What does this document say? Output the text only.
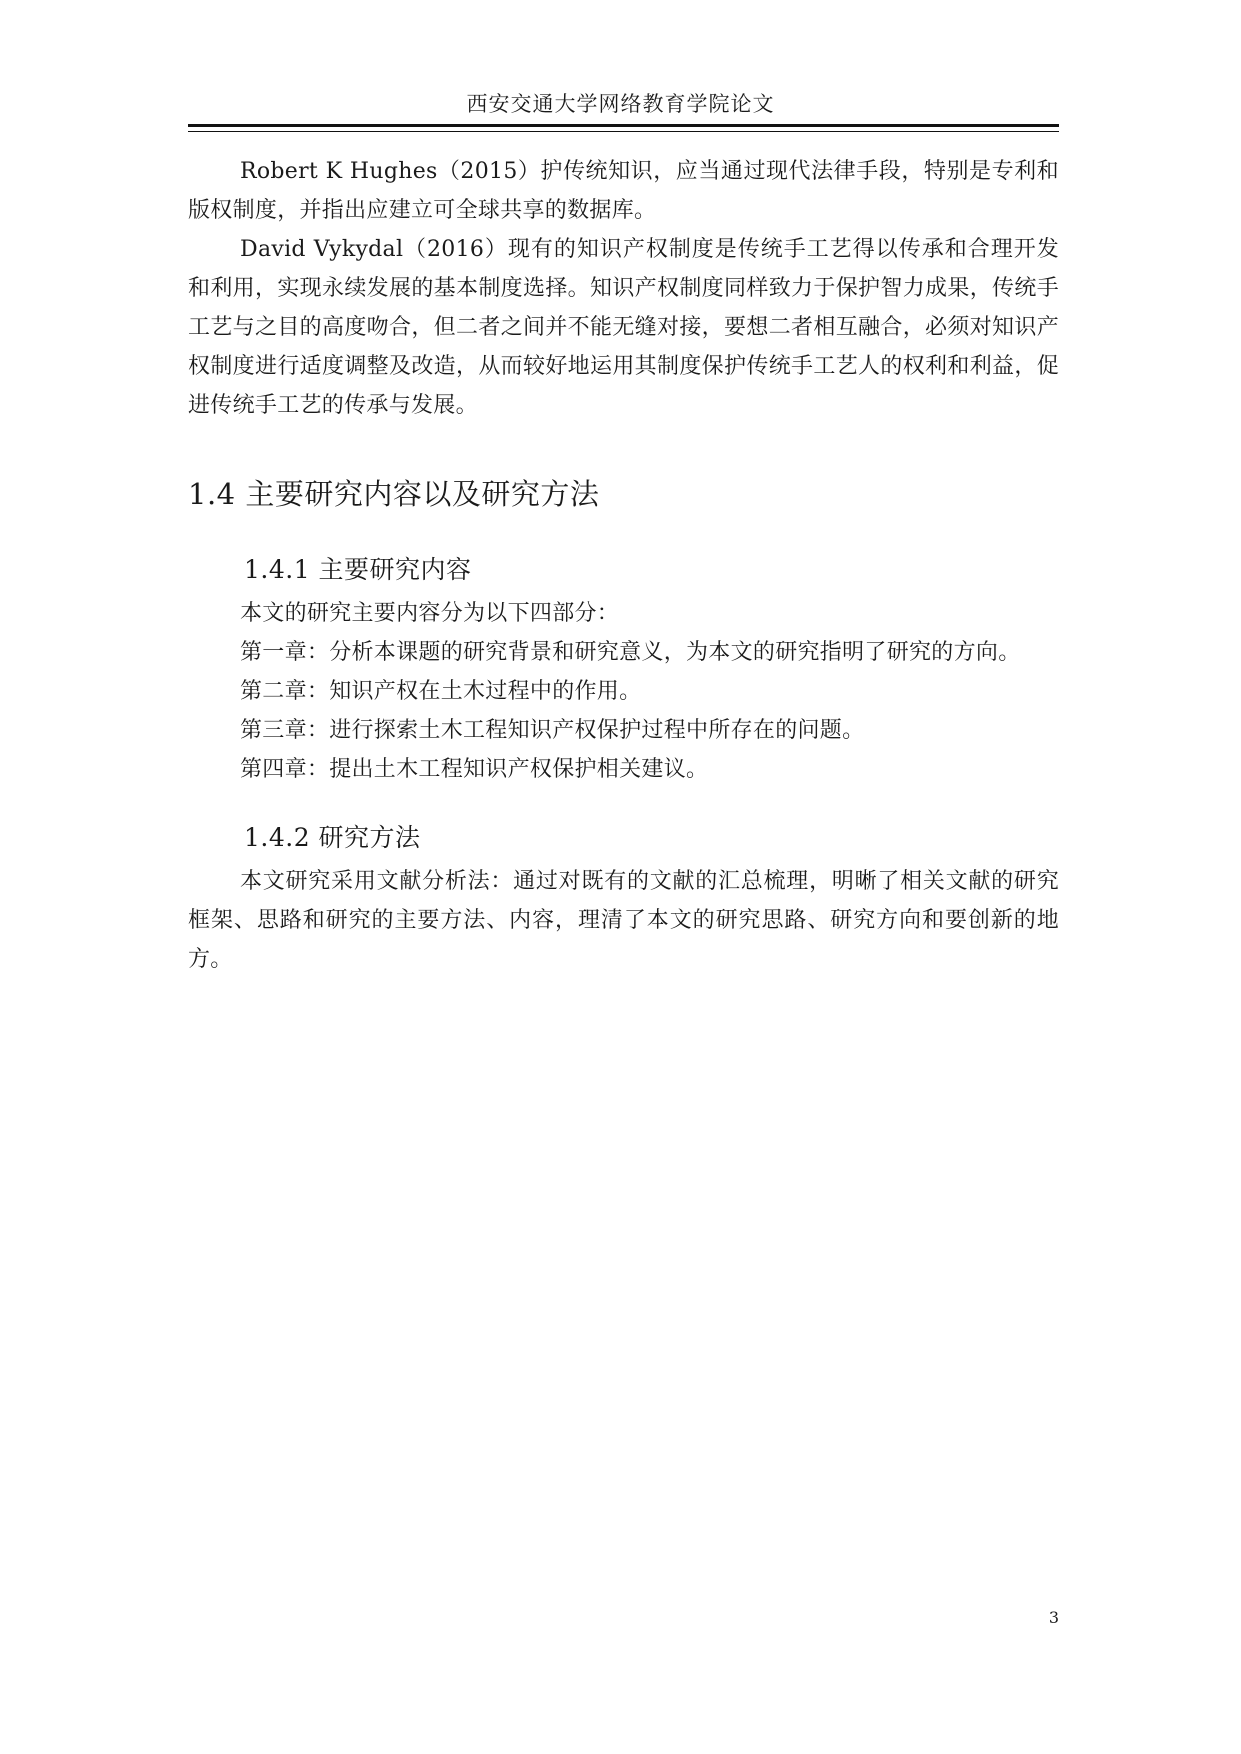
西安交通大学网络教育学院论文

Robert K Hughes（2015）护传统知识，应当通过现代法律手段，特别是专利和版权制度，并指出应建立可全球共享的数据库。

David Vykydal（2016）现有的知识产权制度是传统手工艺得以传承和合理开发和利用，实现永续发展的基本制度选择。知识产权制度同样致力于保护智力成果，传统手工艺与之目的高度吻合，但二者之间并不能无缝对接，要想二者相互融合，必须对知识产权制度进行适度调整及改造，从而较好地运用其制度保护传统手工艺人的权利和利益，促进传统手工艺的传承与发展。

1.4 主要研究内容以及研究方法
1.4.1 主要研究内容

本文的研究主要内容分为以下四部分：

第一章：分析本课题的研究背景和研究意义，为本文的研究指明了研究的方向。

第二章：知识产权在土木过程中的作用。

第三章：进行探索土木工程知识产权保护过程中所存在的问题。

第四章：提出土木工程知识产权保护相关建议。

1.4.2 研究方法

本文研究采用文献分析法：通过对既有的文献的汇总梳理，明晰了相关文献的研究框架、思路和研究的主要方法、内容，理清了本文的研究思路、研究方向和要创新的地方。

3
